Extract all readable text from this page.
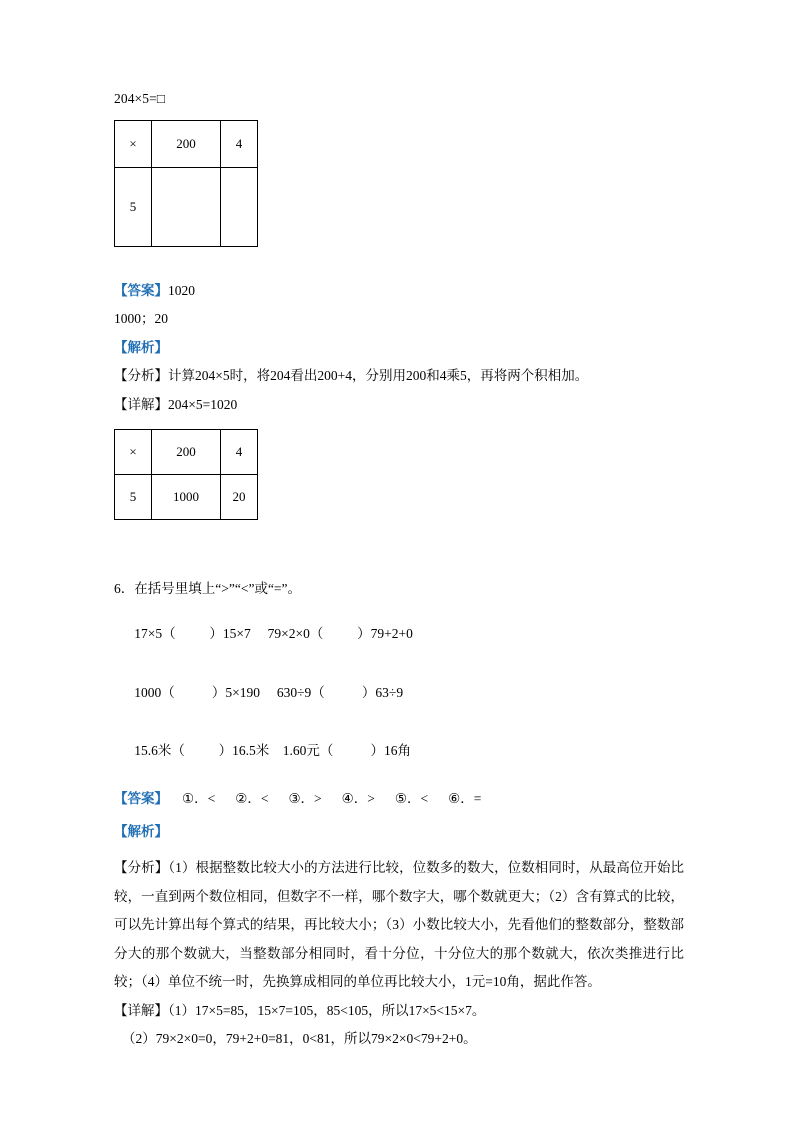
204×5=□
×	200	4
5		
【答案】1020
1000；20
【解析】
【分析】计算204×5时，将204看出200+4，分别用200和4乘5，再将两个积相加。
【详解】204×5=1020
×	200	4
5	1000	20
6．在括号里填上“>”“<”或“=”。

17×5（	）15×7 79×2×0（	）79+2+0

1000（	）5×190 630÷9（	）63÷9

15.6米（	）16.5米 1.60元（	）16角

【答案】 ①．< ②．< ③．> ④．> ⑤．< ⑥．=
【解析】
【分析】（1）根据整数比较大小的方法进行比较，位数多的数大，位数相同时，从最高位开始比较，一直到两个数位相同，但数字不一样，哪个数字大，哪个数就更大；（2）含有算式的比较，可以先计算出每个算式的结果，再比较大小；（3）小数比较大小，先看他们的整数部分，整数部分大的那个数就大，当整数部分相同时，看十分位，十分位大的那个数就大，依次类推进行比较；（4）单位不统一时，先换算成相同的单位再比较大小，1元=10角，据此作答。
【详解】（1）17×5=85，15×7=105，85<105，所以17×5<15×7。
（2）79×2×0=0，79+2+0=81，0<81，所以79×2×0<79+2+0。
